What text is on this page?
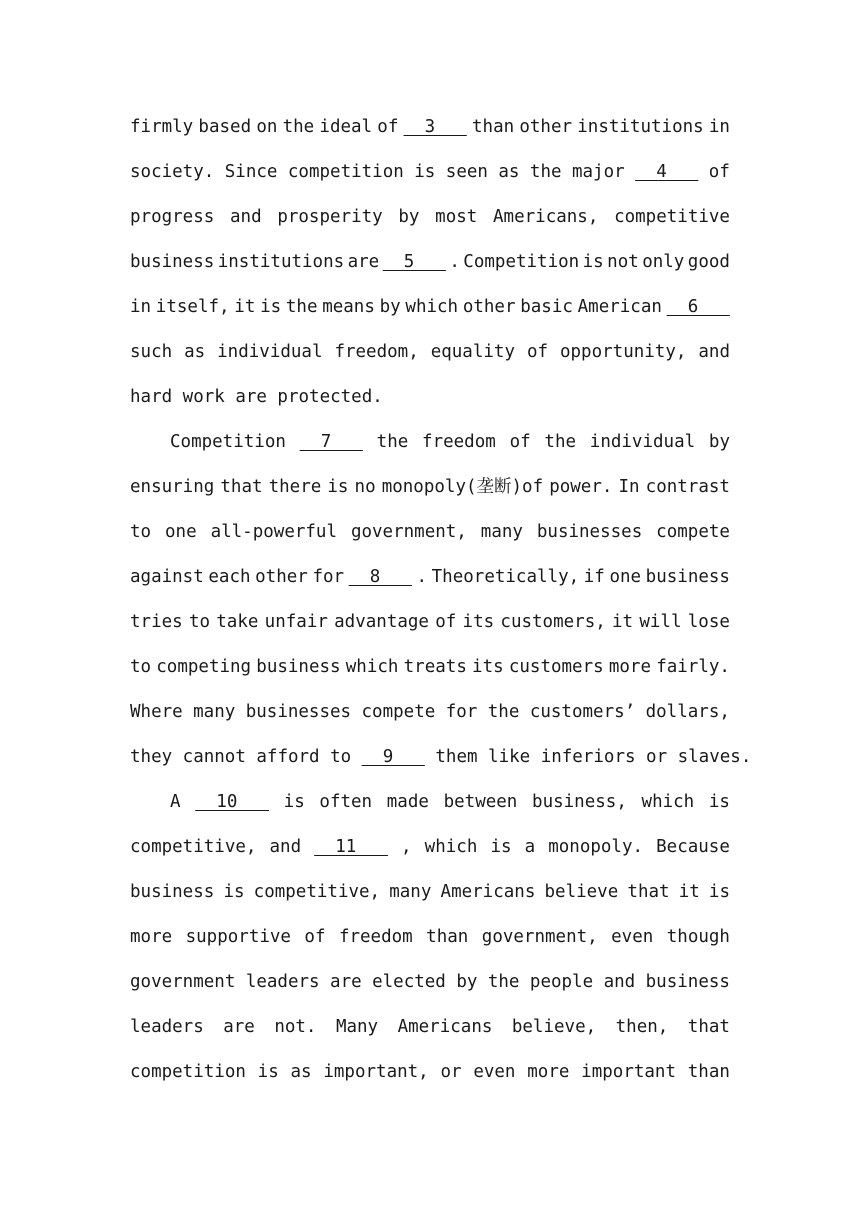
firmly based on the ideal of 3 than other institutions in
society. Since competition is seen as the major 4 of
progress and prosperity by most Americans, competitive
business institutions are 5 . Competition is not only good
in itself, it is the means by which other basic American 6
such as individual freedom, equality of opportunity, and
hard work are protected.
Competition 7 the freedom of the individual by
ensuring that there is no monopoly(垄断)of power. In contrast
to one all-powerful government, many businesses compete
against each other for 8 . Theoretically, if one business
tries to take unfair advantage of its customers, it will lose
to competing business which treats its customers more fairly.
Where many businesses compete for the customers’ dollars,
they cannot afford to 9 them like inferiors or slaves.
A 10 is often made between business, which is
competitive, and 11 , which is a monopoly. Because
business is competitive, many Americans believe that it is
more supportive of freedom than government, even though
government leaders are elected by the people and business
leaders are not. Many Americans believe, then, that
competition is as important, or even more important than
